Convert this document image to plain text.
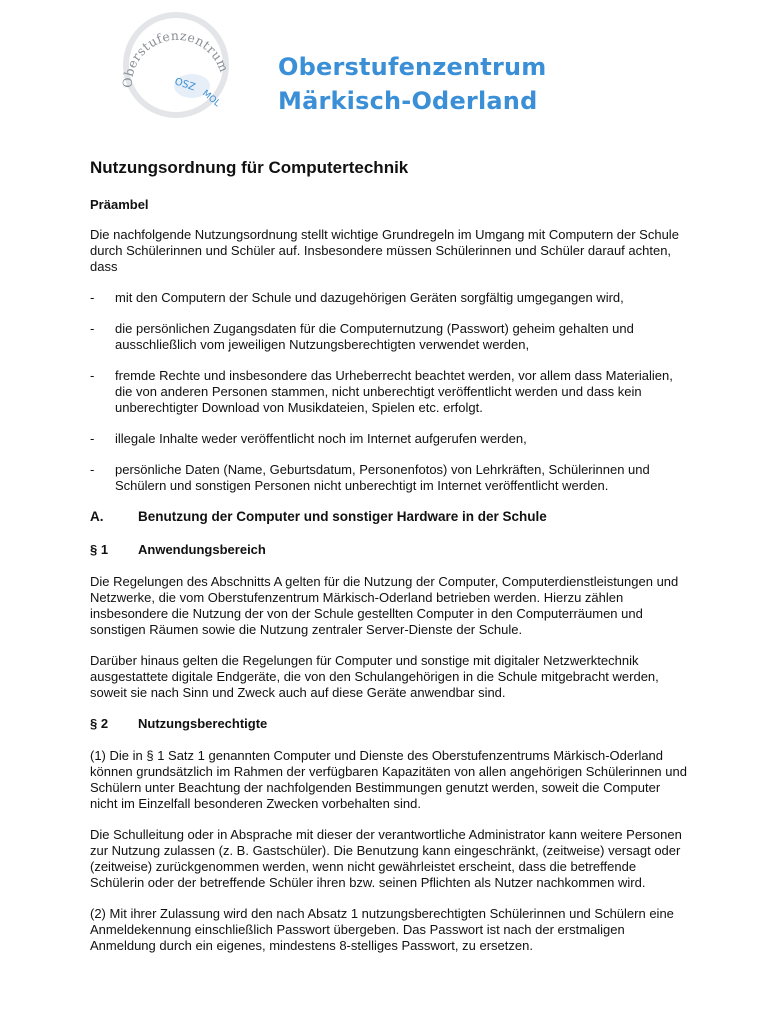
Oberstufenzentrum
OSZ
MOL
Oberstufenzentrum
Märkisch-Oderland
Nutzungsordnung für Computertechnik
Präambel

Die nachfolgende Nutzungsordnung stellt wichtige Grundregeln im Umgang mit Computern der Schule durch Schülerinnen und Schüler auf. Insbesondere müssen Schülerinnen und Schüler darauf achten, dass

- mit den Computern der Schule und dazugehörigen Geräten sorgfältig umgegangen wird,
- die persönlichen Zugangsdaten für die Computernutzung (Passwort) geheim gehalten und ausschließlich vom jeweiligen Nutzungsberechtigten verwendet werden,
- fremde Rechte und insbesondere das Urheberrecht beachtet werden, vor allem dass Materialien, die von anderen Personen stammen, nicht unberechtigt veröffentlicht werden und dass kein unberechtigter Download von Musikdateien, Spielen etc. erfolgt.
- illegale Inhalte weder veröffentlicht noch im Internet aufgerufen werden,
- persönliche Daten (Name, Geburtsdatum, Personenfotos) von Lehrkräften, Schülerinnen und Schülern und sonstigen Personen nicht unberechtigt im Internet veröffentlicht werden.
A.	Benutzung der Computer und sonstiger Hardware in der Schule
§ 1	Anwendungsbereich

Die Regelungen des Abschnitts A gelten für die Nutzung der Computer, Computerdienstleistungen und Netzwerke, die vom Oberstufenzentrum Märkisch-Oderland betrieben werden. Hierzu zählen insbesondere die Nutzung der von der Schule gestellten Computer in den Computerräumen und sonstigen Räumen sowie die Nutzung zentraler Server-Dienste der Schule.

Darüber hinaus gelten die Regelungen für Computer und sonstige mit digitaler Netzwerktechnik ausgestattete digitale Endgeräte, die von den Schulangehörigen in die Schule mitgebracht werden, soweit sie nach Sinn und Zweck auch auf diese Geräte anwendbar sind.

§ 2	Nutzungsberechtigte

(1) Die in § 1 Satz 1 genannten Computer und Dienste des Oberstufenzentrums Märkisch-Oderland können grundsätzlich im Rahmen der verfügbaren Kapazitäten von allen angehörigen Schülerinnen und Schülern unter Beachtung der nachfolgenden Bestimmungen genutzt werden, soweit die Computer nicht im Einzelfall besonderen Zwecken vorbehalten sind.

Die Schulleitung oder in Absprache mit dieser der verantwortliche Administrator kann weitere Personen zur Nutzung zulassen (z. B. Gastschüler). Die Benutzung kann eingeschränkt, (zeitweise) versagt oder (zeitweise) zurückgenommen werden, wenn nicht gewährleistet erscheint, dass die betreffende Schülerin oder der betreffende Schüler ihren bzw. seinen Pflichten als Nutzer nachkommen wird.

(2) Mit ihrer Zulassung wird den nach Absatz 1 nutzungsberechtigten Schülerinnen und Schülern eine Anmeldekennung einschließlich Passwort übergeben. Das Passwort ist nach der erstmaligen Anmeldung durch ein eigenes, mindestens 8-stelliges Passwort, zu ersetzen.
